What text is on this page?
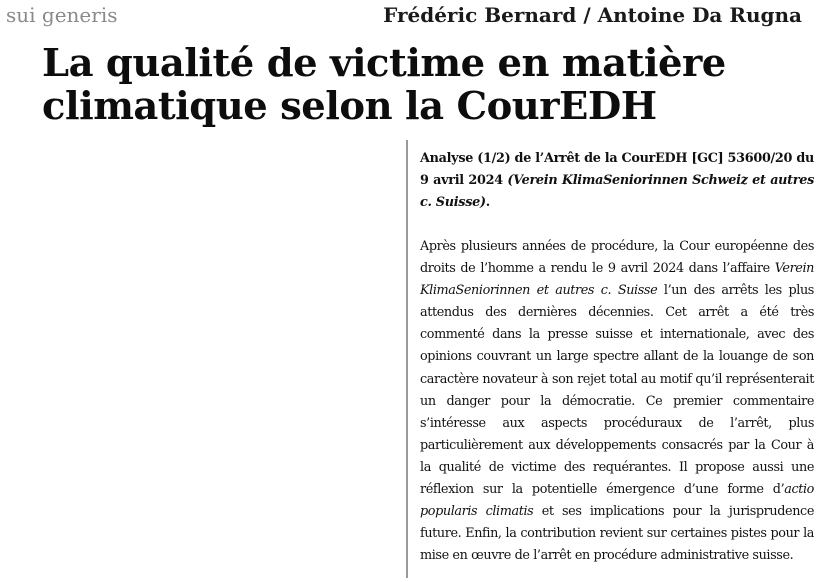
sui generis	Frédéric Bernard / Antoine Da Rugna
La qualité de victime en matière
climatique selon la CourEDH

Analyse (1/2) de l’Arrêt de la CourEDH [GC] 53600/20 du 9 avril 2024 (Verein KlimaSeniorinnen Schweiz et autres c. Suisse).

Après plusieurs années de procédure, la Cour européenne des droits de l’homme a rendu le 9 avril 2024 dans l’affaire Verein KlimaSeniorinnen et autres c. Suisse l’un des arrêts les plus attendus des dernières décennies. Cet arrêt a été très commenté dans la presse suisse et internationale, avec des opinions couvrant un large spectre allant de la louange de son caractère novateur à son rejet total au motif qu’il représenterait un danger pour la démocratie. Ce premier commentaire s’intéresse aux aspects procéduraux de l’arrêt, plus particulièrement aux développements consacrés par la Cour à la qualité de victime des requérantes. Il propose aussi une réflexion sur la potentielle émergence d’une forme d’actio popularis climatis et ses implications pour la jurisprudence future. Enfin, la contribution revient sur certaines pistes pour la mise en œuvre de l’arrêt en procédure administrative suisse.
